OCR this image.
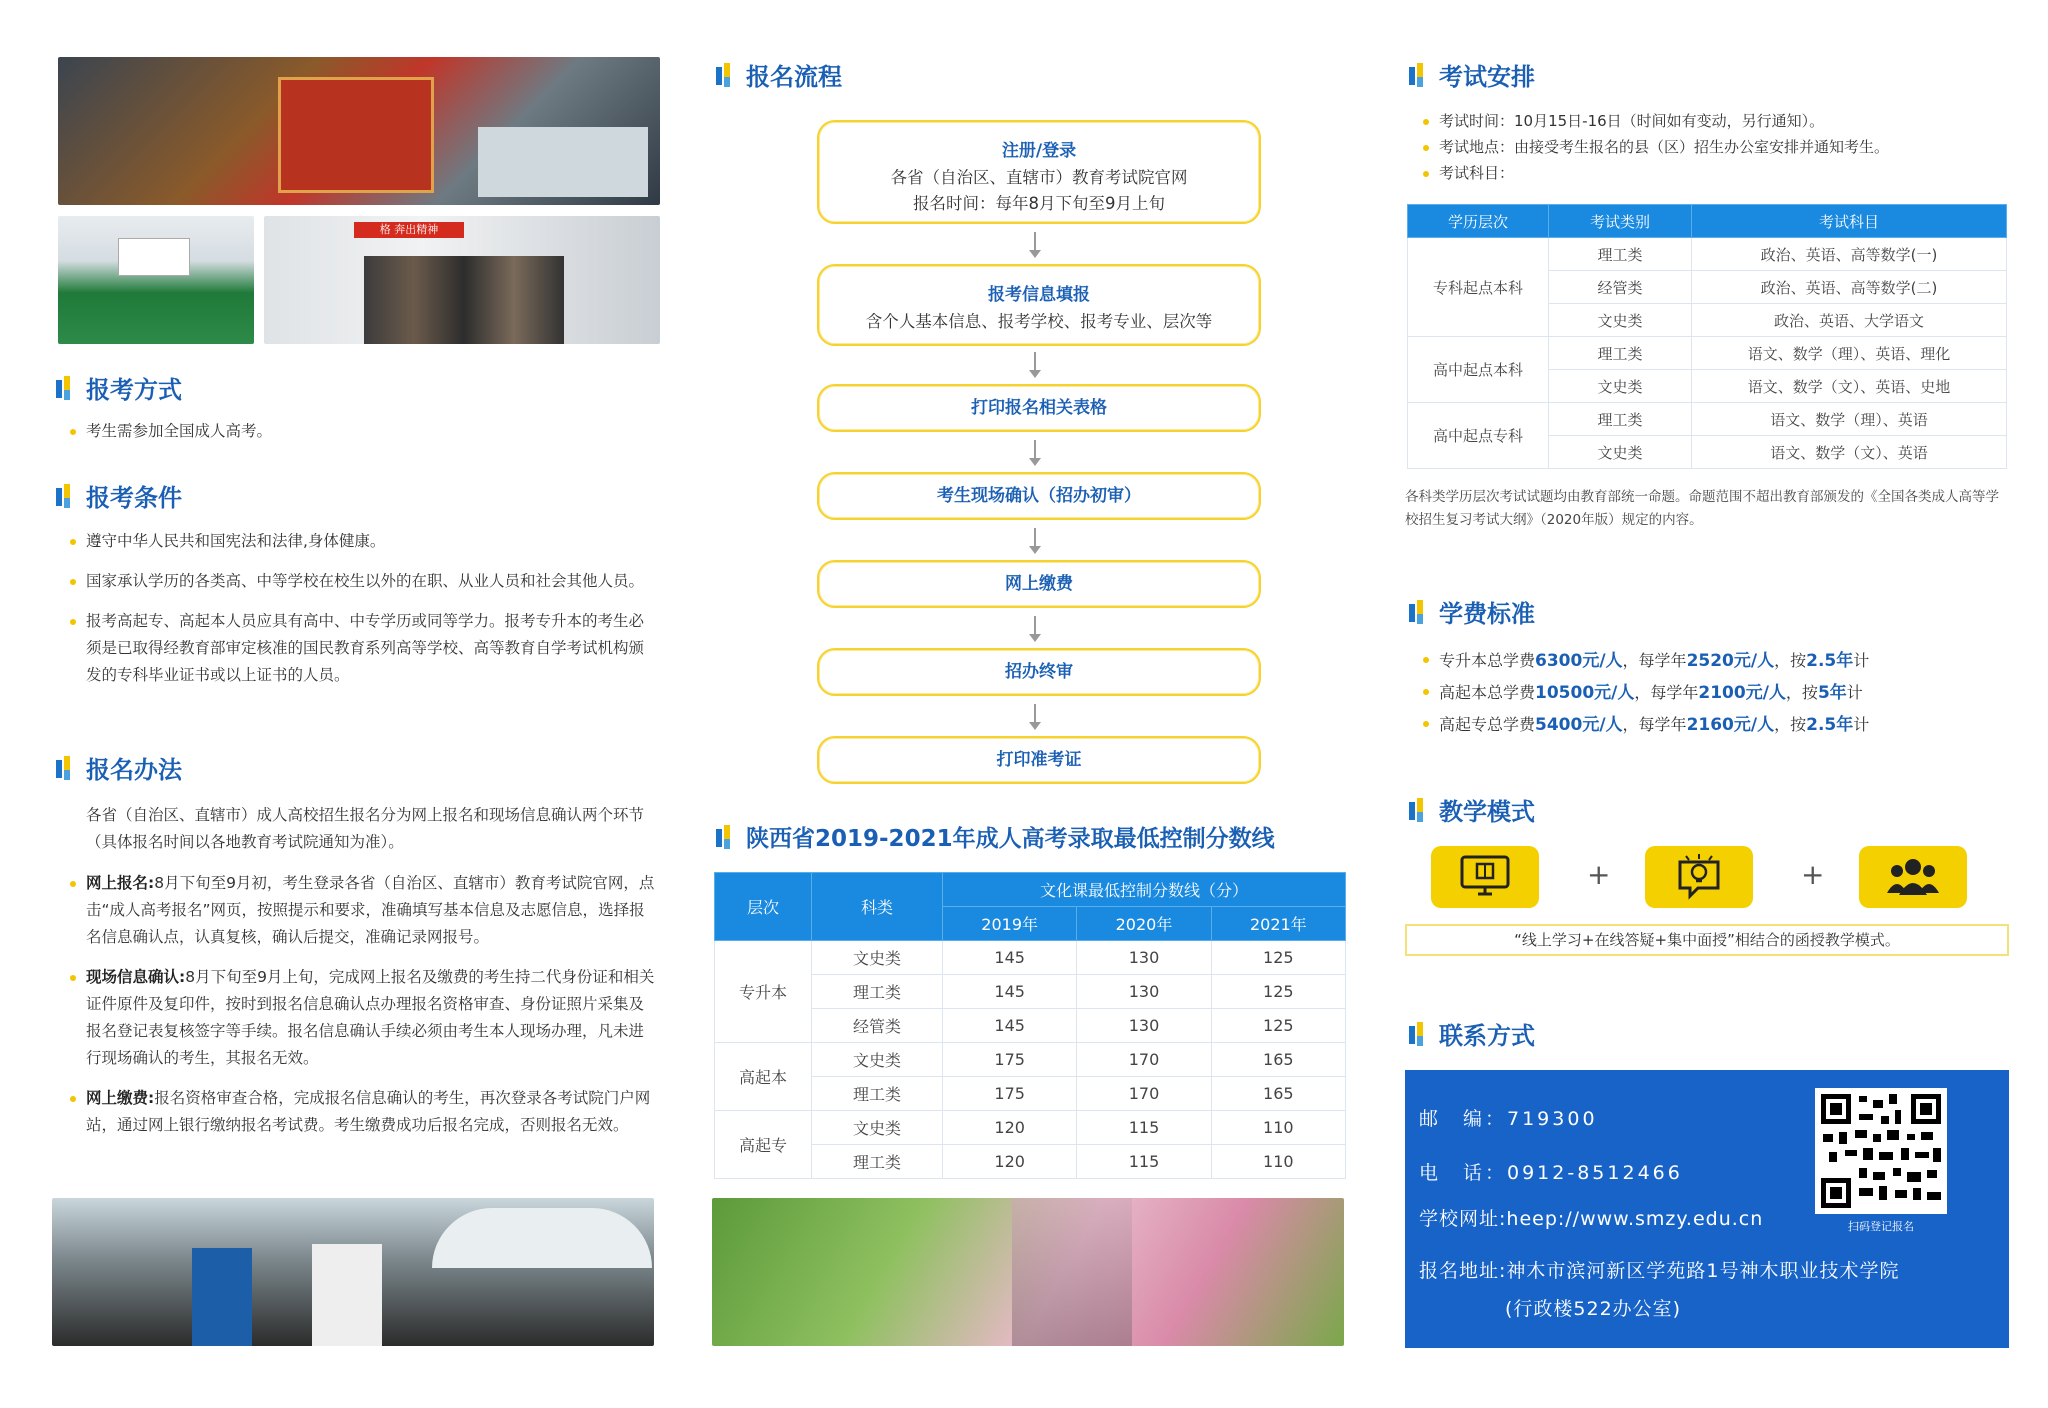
格 奔出精神
报考方式
考生需参加全国成人高考。
报考条件
遵守中华人民共和国宪法和法律,身体健康。
国家承认学历的各类高、中等学校在校生以外的在职、从业人员和社会其他人员。
报考高起专、高起本人员应具有高中、中专学历或同等学力。报考专升本的考生必须是已取得经教育部审定核准的国民教育系列高等学校、高等教育自学考试机构颁发的专科毕业证书或以上证书的人员。
报名办法
各省（自治区、直辖市）成人高校招生报名分为网上报名和现场信息确认两个环节（具体报名时间以各地教育考试院通知为准）。
网上报名:8月下旬至9月初，考生登录各省（自治区、直辖市）教育考试院官网，点击“成人高考报名”网页，按照提示和要求，准确填写基本信息及志愿信息，选择报名信息确认点，认真复核，确认后提交，准确记录网报号。
现场信息确认:8月下旬至9月上旬，完成网上报名及缴费的考生持二代身份证和相关证件原件及复印件，按时到报名信息确认点办理报名资格审查、身份证照片采集及报名登记表复核签字等手续。报名信息确认手续必须由考生本人现场办理，凡未进行现场确认的考生，其报名无效。
网上缴费:报名资格审查合格，完成报名信息确认的考生，再次登录各考试院门户网站，通过网上银行缴纳报名考试费。考生缴费成功后报名完成，否则报名无效。
报名流程
注册/登录
各省（自治区、直辖市）教育考试院官网
报名时间：每年8月下旬至9月上旬
报考信息填报
含个人基本信息、报考学校、报考专业、层次等
打印报名相关表格
考生现场确认（招办初审）
网上缴费
招办终审
打印准考证
陕西省2019-2021年成人高考录取最低控制分数线
层次	科类	文化课最低控制分数线（分）		
		2019年	2020年	2021年
专升本	文史类	145	130	125
	理工类	145	130	125
	经管类	145	130	125
高起本	文史类	175	170	165
	理工类	175	170	165
高起专	文史类	120	115	110
	理工类	120	115	110
考试安排
考试时间：10月15日-16日（时间如有变动，另行通知）。
考试地点：由接受考生报名的县（区）招生办公室安排并通知考生。
考试科目：
学历层次	考试类别	考试科目
专科起点本科	理工类	政治、英语、高等数学(一)
	经管类	政治、英语、高等数学(二)
	文史类	政治、英语、大学语文
高中起点本科	理工类	语文、数学（理）、英语、理化
	文史类	语文、数学（文）、英语、史地
高中起点专科	理工类	语文、数学（理）、英语
	文史类	语文、数学（文）、英语
各科类学历层次考试试题均由教育部统一命题。命题范围不超出教育部颁发的《全国各类成人高等学校招生复习考试大纲》（2020年版）规定的内容。
学费标准
专升本总学费6300元/人，每学年2520元/人，按2.5年计
高起本总学费10500元/人，每学年2100元/人，按5年计
高起专总学费5400元/人，每学年2160元/人，按2.5年计
教学模式
+	+
“线上学习+在线答疑+集中面授”相结合的函授教学模式。
联系方式
邮　编：719300
电　话：0912-8512466
学校网址:heep://www.smzy.edu.cn
报名地址:神木市滨河新区学苑路1号神木职业技术学院
(行政楼522办公室)
扫码登记报名
